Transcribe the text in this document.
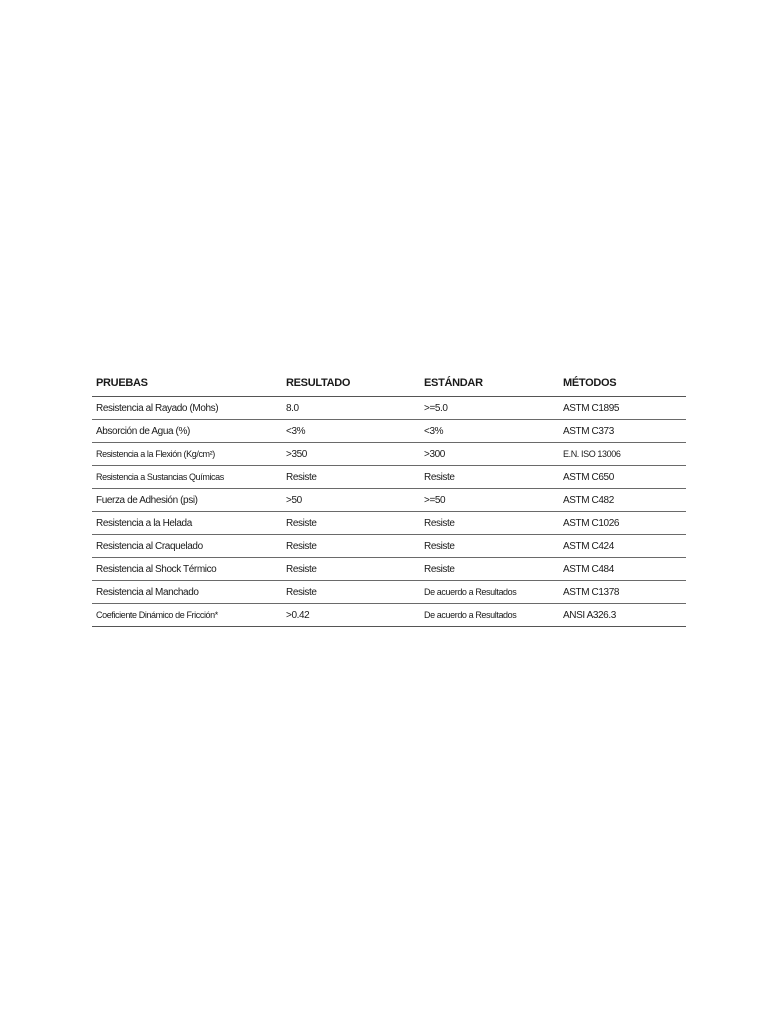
PRUEBAS	RESULTADO	ESTÁNDAR	MÉTODOS
Resistencia al Rayado (Mohs)	8.0	>=5.0	ASTM C1895
Absorción de Agua (%)	<3%	<3%	ASTM C373
Resistencia a la Flexión (Kg/cm²)	>350	>300	E.N. ISO 13006
Resistencia a Sustancias Químicas	Resiste	Resiste	ASTM C650
Fuerza de Adhesión (psi)	>50	>=50	ASTM C482
Resistencia a la Helada	Resiste	Resiste	ASTM C1026
Resistencia al Craquelado	Resiste	Resiste	ASTM C424
Resistencia al Shock Térmico	Resiste	Resiste	ASTM C484
Resistencia al Manchado	Resiste	De acuerdo a Resultados	ASTM C1378
Coeficiente Dinámico de Fricción*	>0.42	De acuerdo a Resultados	ANSI A326.3
